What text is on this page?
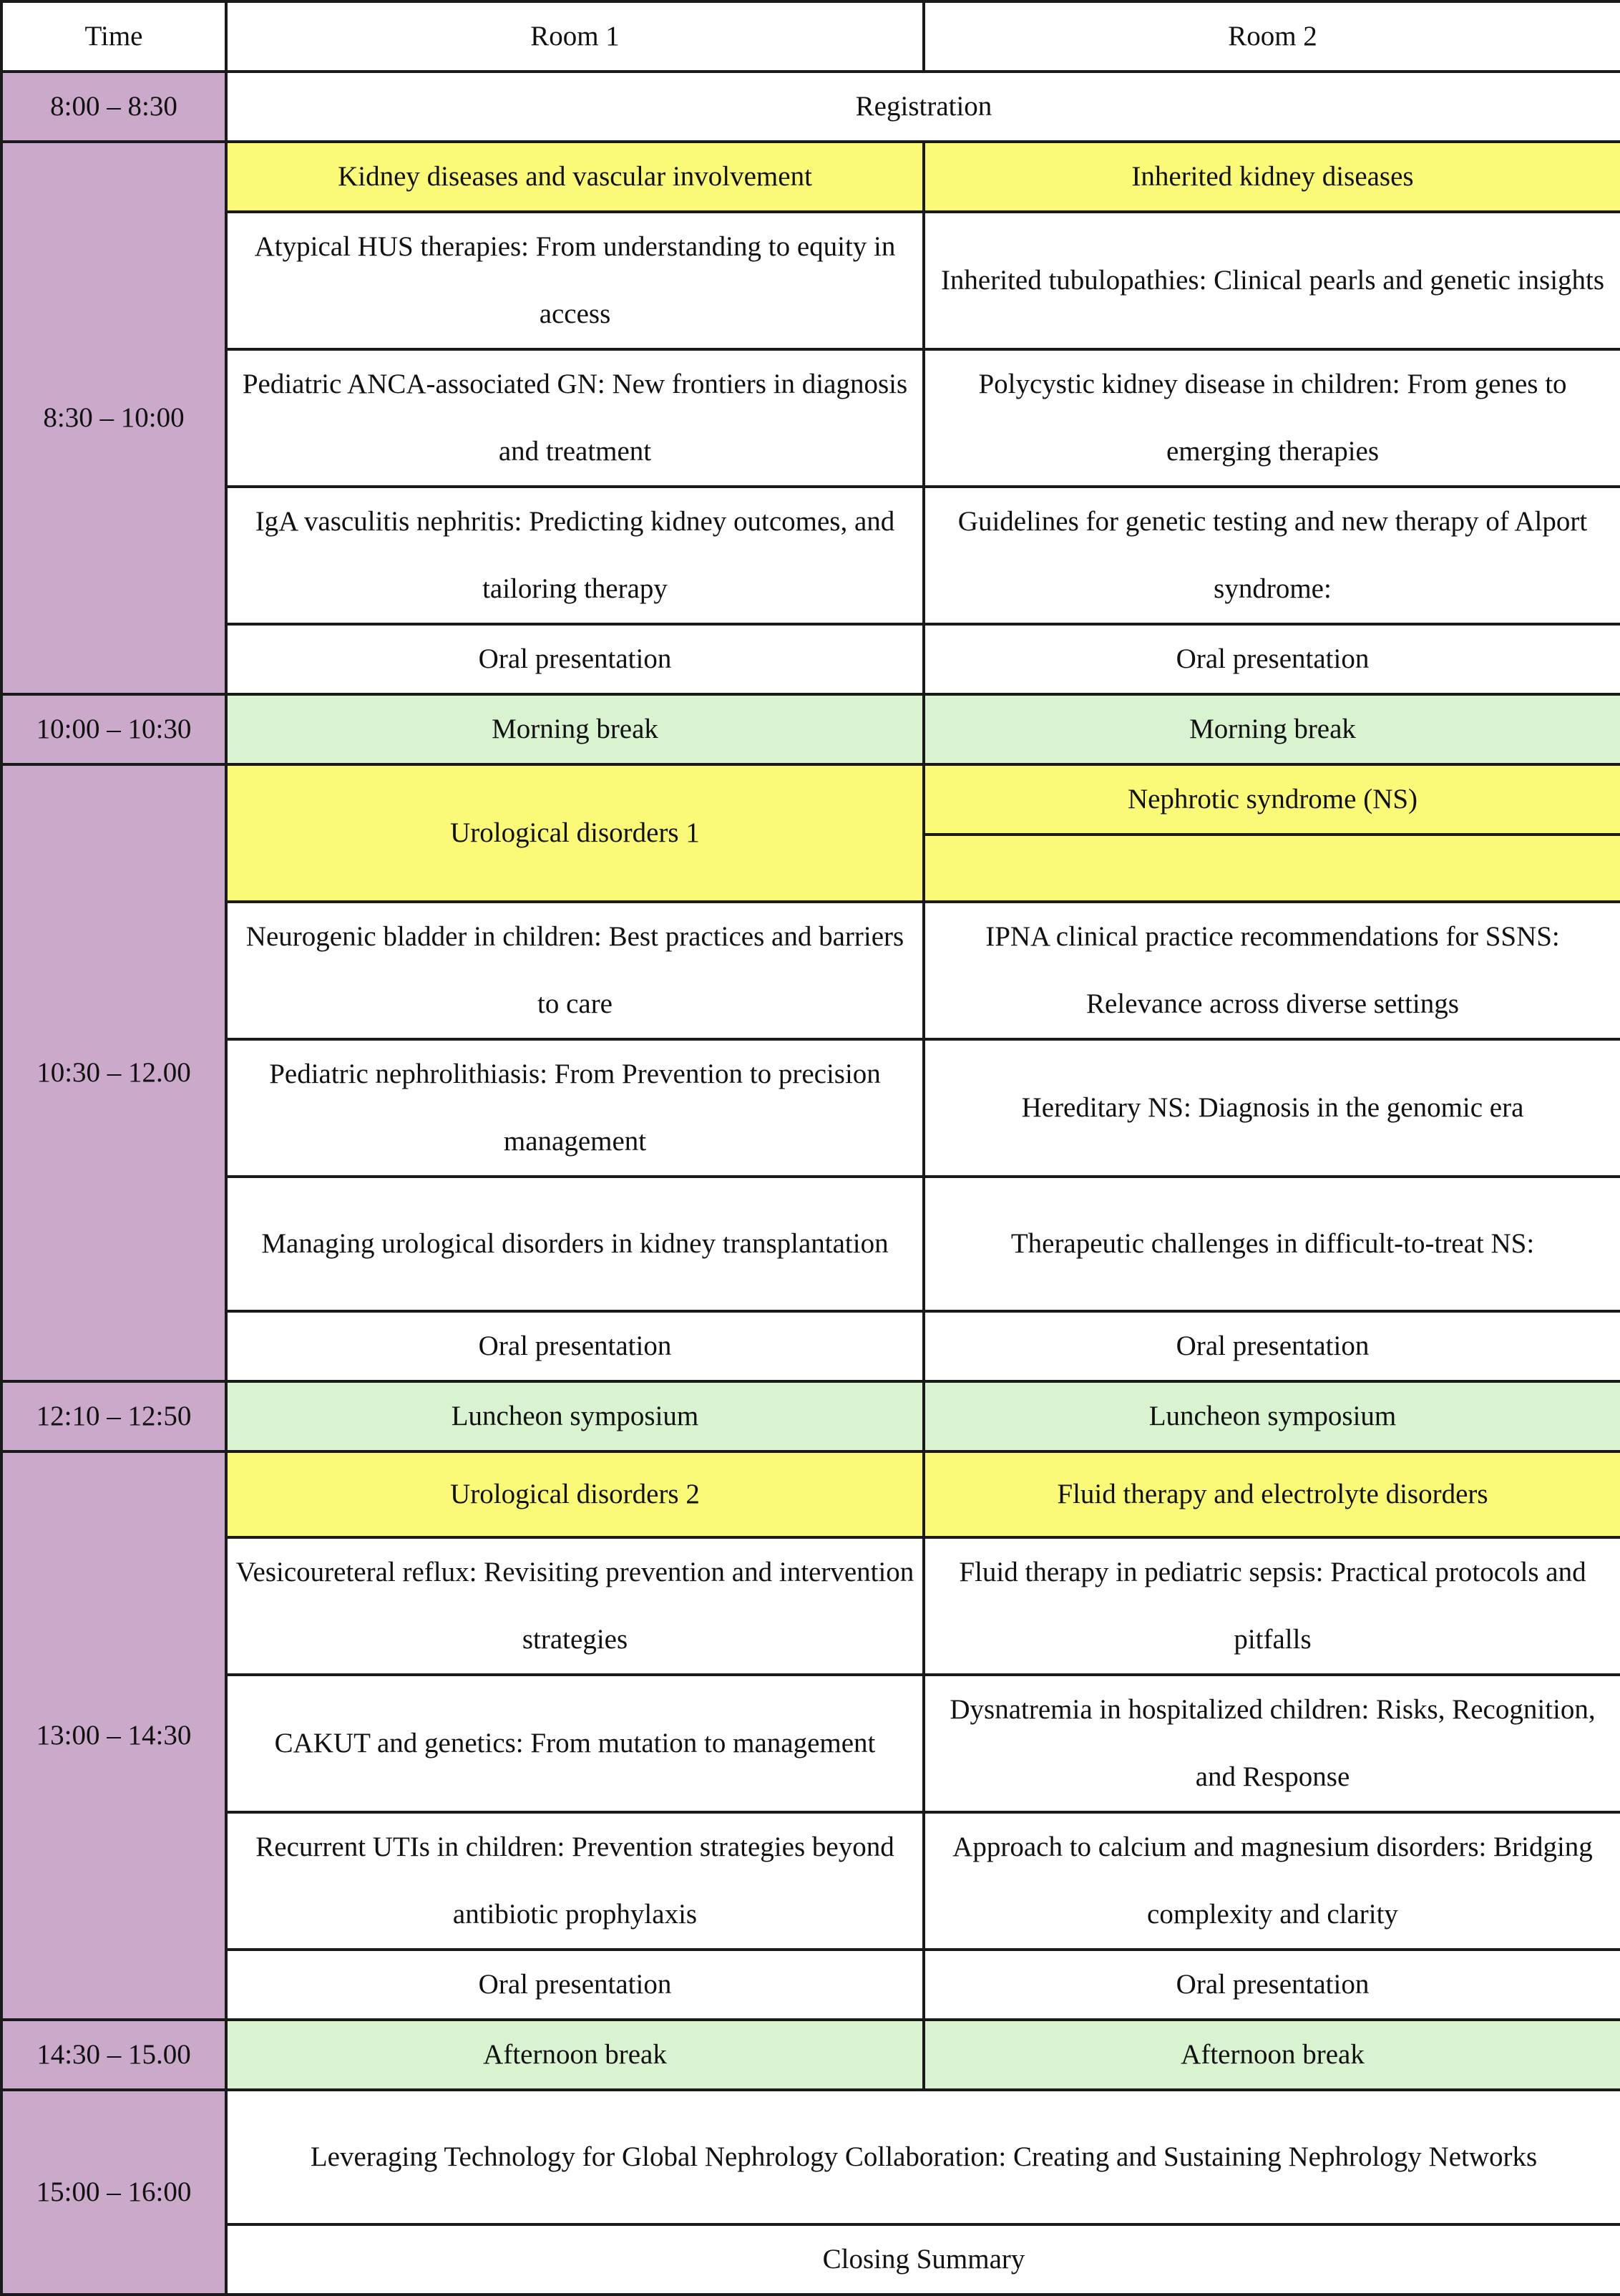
Time	Room 1	Room 2
8:00 – 8:30	Registration	
8:30 – 10:00	Kidney diseases and vascular involvement	Inherited kidney diseases
	Atypical HUS therapies: From understanding to equity in access	Inherited tubulopathies: Clinical pearls and genetic insights
	Pediatric ANCA-associated GN: New frontiers in diagnosis and treatment	Polycystic kidney disease in children: From genes to emerging therapies
	IgA vasculitis nephritis: Predicting kidney outcomes, and tailoring therapy	Guidelines for genetic testing and new therapy of Alport syndrome:
	Oral presentation	Oral presentation
10:00 – 10:30	Morning break	Morning break
10:30 – 12.00	Urological disorders 1	Nephrotic syndrome (NS)

	Neurogenic bladder in children: Best practices and barriers to care	IPNA clinical practice recommendations for SSNS: Relevance across diverse settings
	Pediatric nephrolithiasis: From Prevention to precision management	Hereditary NS: Diagnosis in the genomic era
	Managing urological disorders in kidney transplantation	Therapeutic challenges in difficult-to-treat NS:
	Oral presentation	Oral presentation
12:10 – 12:50	Luncheon symposium	Luncheon symposium
13:00 – 14:30	Urological disorders 2	Fluid therapy and electrolyte disorders
	Vesicoureteral reflux: Revisiting prevention and intervention strategies	Fluid therapy in pediatric sepsis: Practical protocols and pitfalls
	CAKUT and genetics: From mutation to management	Dysnatremia in hospitalized children: Risks, Recognition, and Response
	Recurrent UTIs in children: Prevention strategies beyond antibiotic prophylaxis	Approach to calcium and magnesium disorders: Bridging complexity and clarity
	Oral presentation	Oral presentation
14:30 – 15.00	Afternoon break	Afternoon break
15:00 – 16:00	Leveraging Technology for Global Nephrology Collaboration: Creating and Sustaining Nephrology Networks	
	Closing Summary	
